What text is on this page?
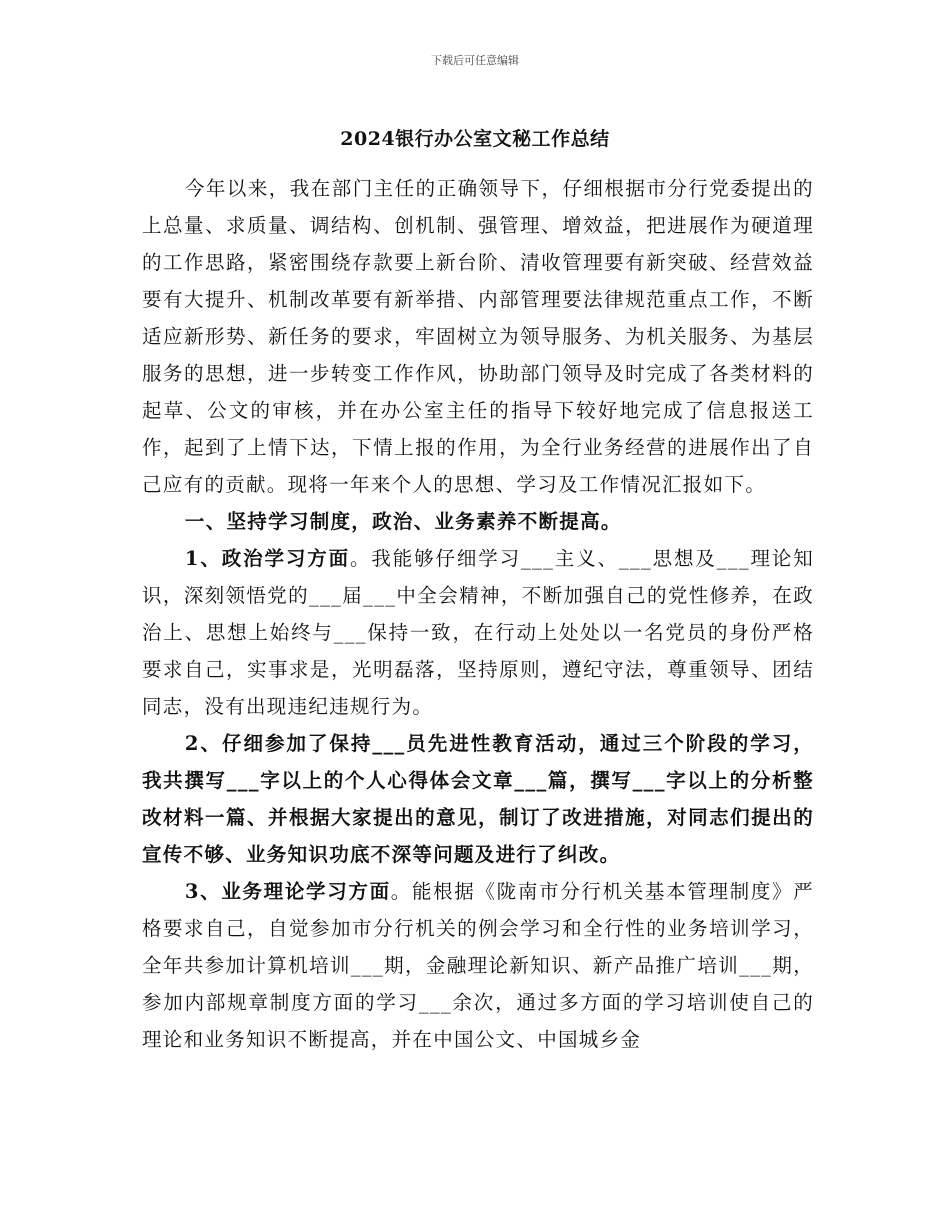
下载后可任意编辑
2024银行办公室文秘工作总结

今年以来，我在部门主任的正确领导下，仔细根据市分行党委提出的上总量、求质量、调结构、创机制、强管理、增效益，把进展作为硬道理的工作思路，紧密围绕存款要上新台阶、清收管理要有新突破、经营效益要有大提升、机制改革要有新举措、内部管理要法律规范重点工作，不断适应新形势、新任务的要求，牢固树立为领导服务、为机关服务、为基层服务的思想，进一步转变工作作风，协助部门领导及时完成了各类材料的起草、公文的审核，并在办公室主任的指导下较好地完成了信息报送工作，起到了上情下达，下情上报的作用，为全行业务经营的进展作出了自己应有的贡献。现将一年来个人的思想、学习及工作情况汇报如下。

一、坚持学习制度，政治、业务素养不断提高。

1、政治学习方面。我能够仔细学习___主义、___思想及___理论知识，深刻领悟党的___届___中全会精神，不断加强自己的党性修养，在政治上、思想上始终与___保持一致，在行动上处处以一名党员的身份严格要求自己，实事求是，光明磊落，坚持原则，遵纪守法，尊重领导、团结同志，没有出现违纪违规行为。

2、仔细参加了保持___员先进性教育活动，通过三个阶段的学习，我共撰写___字以上的个人心得体会文章___篇，撰写___字以上的分析整改材料一篇、并根据大家提出的意见，制订了改进措施，对同志们提出的宣传不够、业务知识功底不深等问题及进行了纠改。

3、业务理论学习方面。能根据《陇南市分行机关基本管理制度》严格要求自己，自觉参加市分行机关的例会学习和全行性的业务培训学习，全年共参加计算机培训___期，金融理论新知识、新产品推广培训___期，参加内部规章制度方面的学习___余次，通过多方面的学习培训使自己的理论和业务知识不断提高，并在中国公文、中国城乡金
